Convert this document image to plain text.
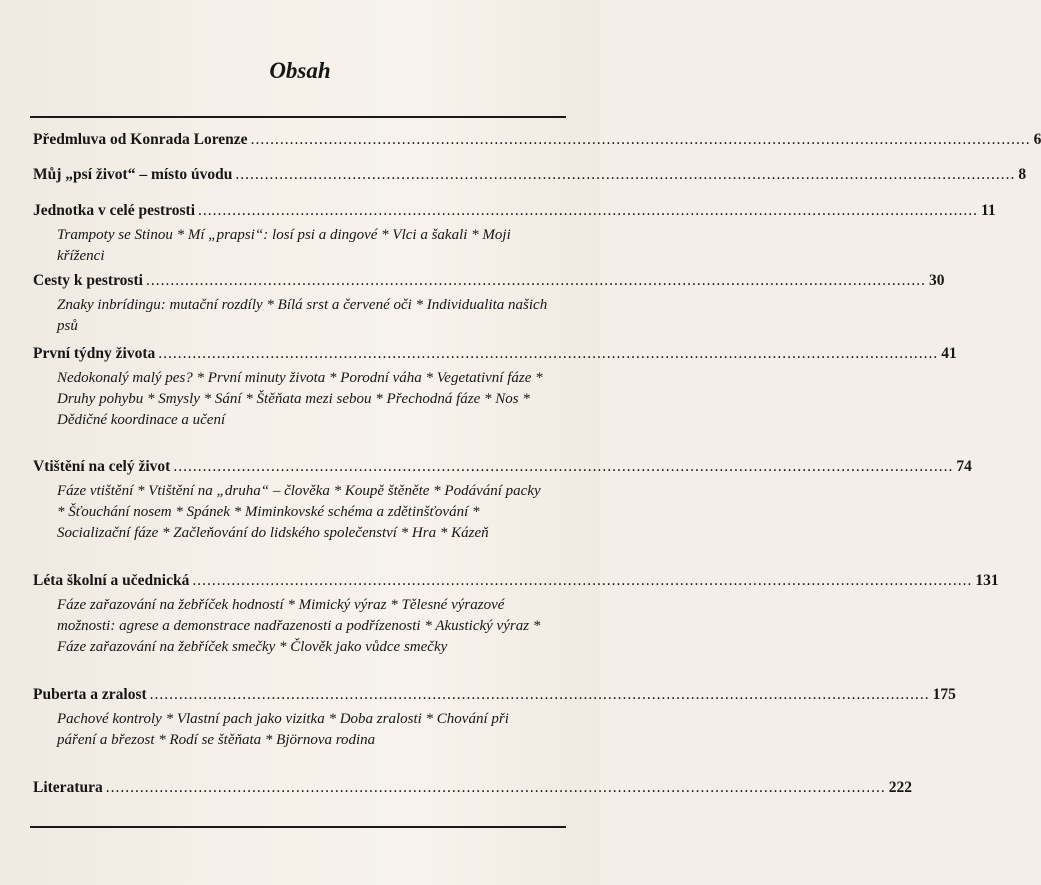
Obsah
Předmluva od Konrada Lorenze ................................................................................................................................................................ 6
Můj „psí život“ – místo úvodu ................................................................................................................................................................ 8
Jednotka v celé pestrosti ................................................................................................................................................................ 11
Trampoty se Stinou * Mí „prapsi“: losí psi a dingové * Vlci a šakali * Moji kříženci
Cesty k pestrosti ................................................................................................................................................................ 30
Znaky inbrídingu: mutační rozdíly * Bílá srst a červené oči * Individualita našich psů
První týdny života ................................................................................................................................................................ 41
Nedokonalý malý pes? * První minuty života * Porodní váha * Vegetativní fáze * Druhy pohybu * Smysly * Sání * Štěňata mezi sebou * Přechodná fáze * Nos * Dědičné koordinace a učení
Vtištění na celý život ................................................................................................................................................................ 74
Fáze vtištění * Vtištění na „druha“ – člověka * Koupě štěněte * Podávání packy * Šťouchání nosem * Spánek * Miminkovské schéma a zdětinšťování * Socializační fáze * Začleňování do lidského společenství * Hra * Kázeň
Léta školní a učednická ................................................................................................................................................................ 131
Fáze zařazování na žebříček hodností * Mimický výraz * Tělesné výrazové možnosti: agrese a demonstrace nadřazenosti a podřízenosti * Akustický výraz * Fáze zařazování na žebříček smečky * Člověk jako vůdce smečky
Puberta a zralost ................................................................................................................................................................ 175
Pachové kontroly * Vlastní pach jako vizitka * Doba zralosti * Chování při páření a březost * Rodí se štěňata * Björnova rodina
Literatura ................................................................................................................................................................ 222
